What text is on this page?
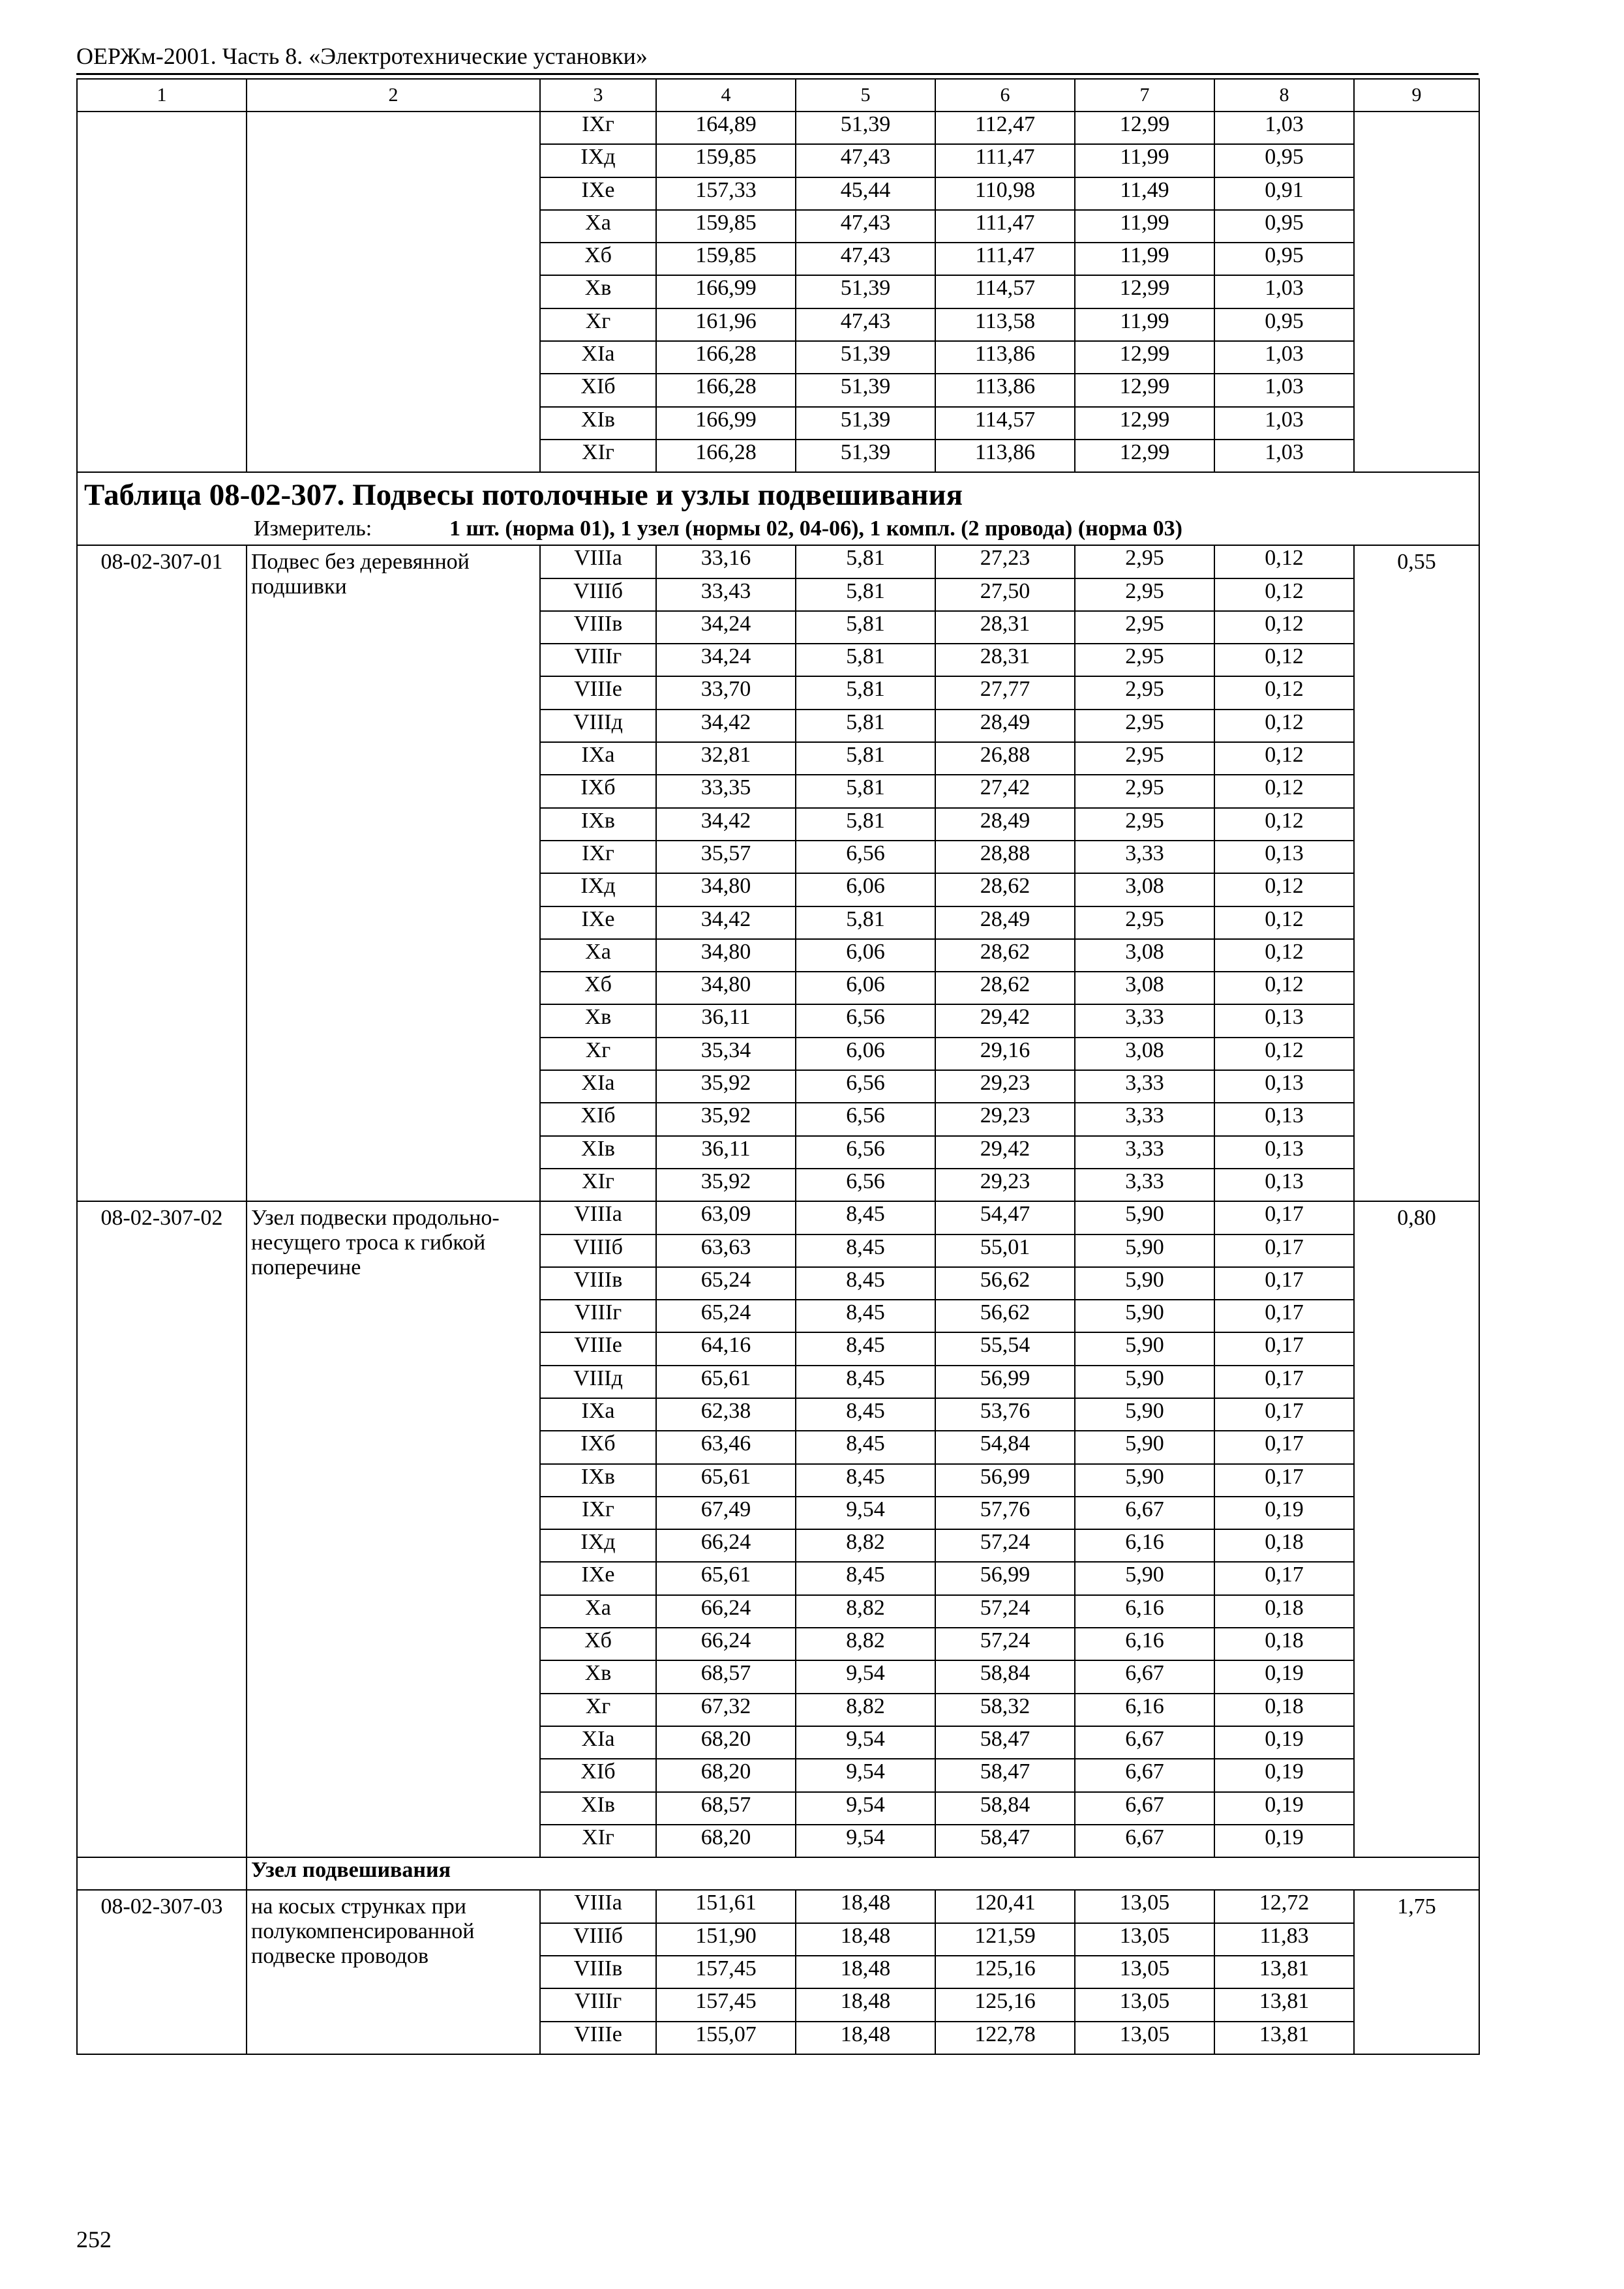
ОЕРЖм-2001. Часть 8. «Электротехнические установки»
1	2	3	4	5	6	7	8	9
		IXг	164,89	51,39	112,47	12,99	1,03	
		IXд	159,85	47,43	111,47	11,99	0,95	
		IXе	157,33	45,44	110,98	11,49	0,91	
		Xа	159,85	47,43	111,47	11,99	0,95	
		Xб	159,85	47,43	111,47	11,99	0,95	
		Xв	166,99	51,39	114,57	12,99	1,03	
		Xг	161,96	47,43	113,58	11,99	0,95	
		XIа	166,28	51,39	113,86	12,99	1,03	
		XIб	166,28	51,39	113,86	12,99	1,03	
		XIв	166,99	51,39	114,57	12,99	1,03	
		XIг	166,28	51,39	113,86	12,99	1,03	
Таблица 08-02-307. Подвесы потолочные и узлы подвешивания								
Измеритель: 1 шт. (норма 01), 1 узел (нормы 02, 04-06), 1 компл. (2 провода) (норма 03)								
08-02-307-01	Подвес без деревянной подшивки	VIIIа	33,16	5,81	27,23	2,95	0,12	0,55
		VIIIб	33,43	5,81	27,50	2,95	0,12	
		VIIIв	34,24	5,81	28,31	2,95	0,12	
		VIIIг	34,24	5,81	28,31	2,95	0,12	
		VIIIе	33,70	5,81	27,77	2,95	0,12	
		VIIIд	34,42	5,81	28,49	2,95	0,12	
		IXа	32,81	5,81	26,88	2,95	0,12	
		IXб	33,35	5,81	27,42	2,95	0,12	
		IXв	34,42	5,81	28,49	2,95	0,12	
		IXг	35,57	6,56	28,88	3,33	0,13	
		IXд	34,80	6,06	28,62	3,08	0,12	
		IXе	34,42	5,81	28,49	2,95	0,12	
		Xа	34,80	6,06	28,62	3,08	0,12	
		Xб	34,80	6,06	28,62	3,08	0,12	
		Xв	36,11	6,56	29,42	3,33	0,13	
		Xг	35,34	6,06	29,16	3,08	0,12	
		XIа	35,92	6,56	29,23	3,33	0,13	
		XIб	35,92	6,56	29,23	3,33	0,13	
		XIв	36,11	6,56	29,42	3,33	0,13	
		XIг	35,92	6,56	29,23	3,33	0,13	
08-02-307-02	Узел подвески продольно-несущего троса к гибкой поперечине	VIIIа	63,09	8,45	54,47	5,90	0,17	0,80
		VIIIб	63,63	8,45	55,01	5,90	0,17	
		VIIIв	65,24	8,45	56,62	5,90	0,17	
		VIIIг	65,24	8,45	56,62	5,90	0,17	
		VIIIе	64,16	8,45	55,54	5,90	0,17	
		VIIIд	65,61	8,45	56,99	5,90	0,17	
		IXа	62,38	8,45	53,76	5,90	0,17	
		IXб	63,46	8,45	54,84	5,90	0,17	
		IXв	65,61	8,45	56,99	5,90	0,17	
		IXг	67,49	9,54	57,76	6,67	0,19	
		IXд	66,24	8,82	57,24	6,16	0,18	
		IXе	65,61	8,45	56,99	5,90	0,17	
		Xа	66,24	8,82	57,24	6,16	0,18	
		Xб	66,24	8,82	57,24	6,16	0,18	
		Xв	68,57	9,54	58,84	6,67	0,19	
		Xг	67,32	8,82	58,32	6,16	0,18	
		XIа	68,20	9,54	58,47	6,67	0,19	
		XIб	68,20	9,54	58,47	6,67	0,19	
		XIв	68,57	9,54	58,84	6,67	0,19	
		XIг	68,20	9,54	58,47	6,67	0,19	
	Узел подвешивания							
08-02-307-03	на косых струнках при полукомпенсированной подвеске проводов	VIIIа	151,61	18,48	120,41	13,05	12,72	1,75
		VIIIб	151,90	18,48	121,59	13,05	11,83	
		VIIIв	157,45	18,48	125,16	13,05	13,81	
		VIIIг	157,45	18,48	125,16	13,05	13,81	
		VIIIе	155,07	18,48	122,78	13,05	13,81	
252
